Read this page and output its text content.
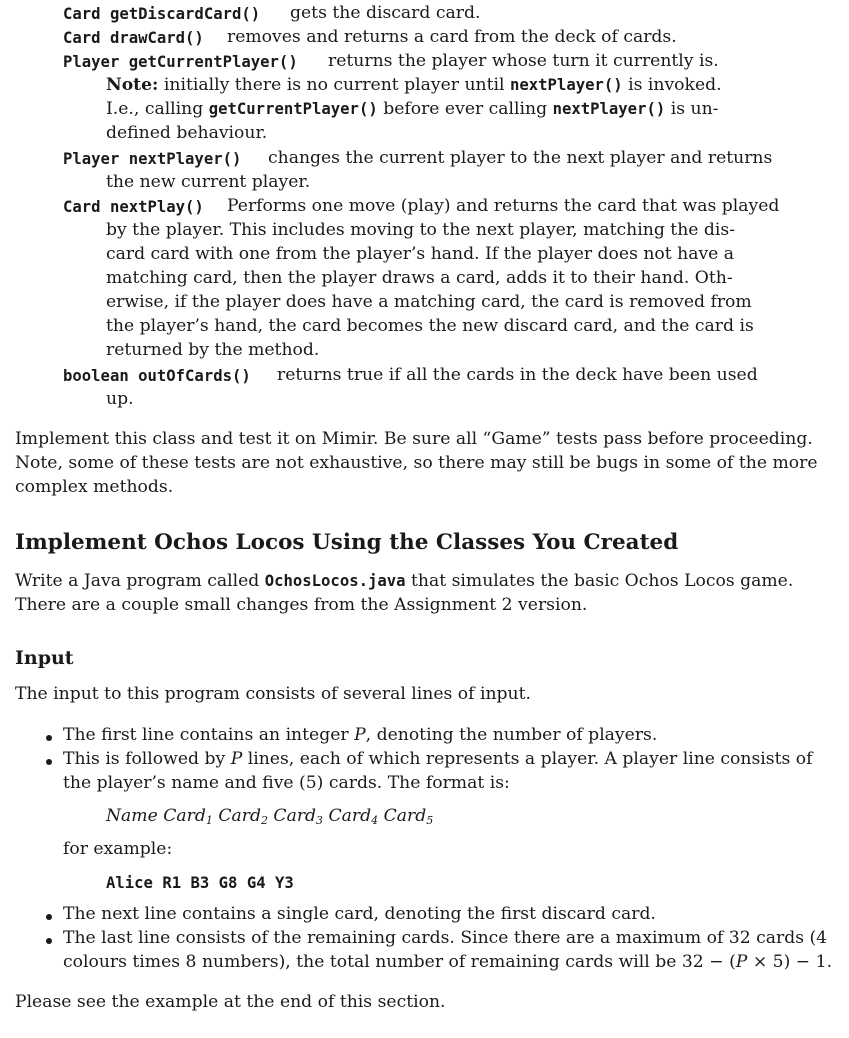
Card getDiscardCard() gets the discard card.
Card drawCard() removes and returns a card from the deck of cards.
Player getCurrentPlayer() returns the player whose turn it currently is.
Note: initially there is no current player until nextPlayer() is invoked.
I.e., calling getCurrentPlayer() before ever calling nextPlayer() is un-
defined behaviour.
Player nextPlayer() changes the current player to the next player and returns
the new current player.
Card nextPlay() Performs one move (play) and returns the card that was played
by the player. This includes moving to the next player, matching the dis-
card card with one from the player’s hand. If the player does not have a
matching card, then the player draws a card, adds it to their hand. Oth-
erwise, if the player does have a matching card, the card is removed from
the player’s hand, the card becomes the new discard card, and the card is
returned by the method.
boolean outOfCards() returns true if all the cards in the deck have been used
up.
Implement this class and test it on Mimir. Be sure all “Game” tests pass before proceeding.
Note, some of these tests are not exhaustive, so there may still be bugs in some of the more
complex methods.
Implement Ochos Locos Using the Classes You Created
Write a Java program called OchosLocos.java that simulates the basic Ochos Locos game.
There are a couple small changes from the Assignment 2 version.
Input
The input to this program consists of several lines of input.
The first line contains an integer P, denoting the number of players.
This is followed by P lines, each of which represents a player. A player line consists of
the player’s name and five (5) cards. The format is:
Name Card$_1$ Card$_2$ Card$_3$ Card$_4$ Card$_5$
for example:
Alice R1 B3 G8 G4 Y3
The next line contains a single card, denoting the first discard card.
The last line consists of the remaining cards. Since there are a maximum of 32 cards (4
colours times 8 numbers), the total number of remaining cards will be 32 − (P × 5) − 1.
Please see the example at the end of this section.
